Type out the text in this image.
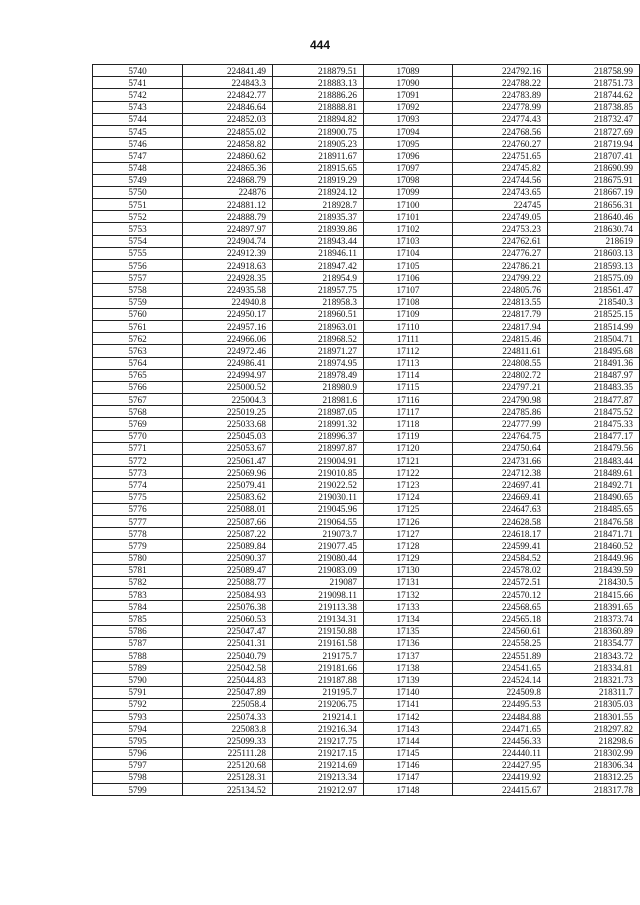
444
5740	224841.49	218879.51	17089	224792.16	218758.99
5741	224843.3	218883.13	17090	224788.22	218751.73
5742	224842.77	218886.26	17091	224783.89	218744.62
5743	224846.64	218888.81	17092	224778.99	218738.85
5744	224852.03	218894.82	17093	224774.43	218732.47
5745	224855.02	218900.75	17094	224768.56	218727.69
5746	224858.82	218905.23	17095	224760.27	218719.94
5747	224860.62	218911.67	17096	224751.65	218707.41
5748	224865.36	218915.65	17097	224745.82	218690.99
5749	224868.79	218919.29	17098	224744.56	218675.91
5750	224876	218924.12	17099	224743.65	218667.19
5751	224881.12	218928.7	17100	224745	218656.31
5752	224888.79	218935.37	17101	224749.05	218640.46
5753	224897.97	218939.86	17102	224753.23	218630.74
5754	224904.74	218943.44	17103	224762.61	218619
5755	224912.39	218946.11	17104	224776.27	218603.13
5756	224918.63	218947.42	17105	224786.21	218593.13
5757	224928.35	218954.9	17106	224799.22	218575.09
5758	224935.58	218957.75	17107	224805.76	218561.47
5759	224940.8	218958.3	17108	224813.55	218540.3
5760	224950.17	218960.51	17109	224817.79	218525.15
5761	224957.16	218963.01	17110	224817.94	218514.99
5762	224966.06	218968.52	17111	224815.46	218504.71
5763	224972.46	218971.27	17112	224811.61	218495.68
5764	224986.41	218974.95	17113	224808.55	218491.36
5765	224994.97	218978.49	17114	224802.72	218487.97
5766	225000.52	218980.9	17115	224797.21	218483.35
5767	225004.3	218981.6	17116	224790.98	218477.87
5768	225019.25	218987.05	17117	224785.86	218475.52
5769	225033.68	218991.32	17118	224777.99	218475.33
5770	225045.03	218996.37	17119	224764.75	218477.17
5771	225053.67	218997.87	17120	224750.64	218479.56
5772	225061.47	219004.91	17121	224731.66	218483.44
5773	225069.96	219010.85	17122	224712.38	218489.61
5774	225079.41	219022.52	17123	224697.41	218492.71
5775	225083.62	219030.11	17124	224669.41	218490.65
5776	225088.01	219045.96	17125	224647.63	218485.65
5777	225087.66	219064.55	17126	224628.58	218476.58
5778	225087.22	219073.7	17127	224618.17	218471.71
5779	225089.84	219077.45	17128	224599.41	218460.52
5780	225090.37	219080.44	17129	224584.52	218449.96
5781	225089.47	219083.09	17130	224578.02	218439.59
5782	225088.77	219087	17131	224572.51	218430.5
5783	225084.93	219098.11	17132	224570.12	218415.66
5784	225076.38	219113.38	17133	224568.65	218391.65
5785	225060.53	219134.31	17134	224565.18	218373.74
5786	225047.47	219150.88	17135	224560.61	218360.89
5787	225041.31	219161.58	17136	224558.25	218354.77
5788	225040.79	219175.7	17137	224551.89	218343.72
5789	225042.58	219181.66	17138	224541.65	218334.81
5790	225044.83	219187.88	17139	224524.14	218321.73
5791	225047.89	219195.7	17140	224509.8	218311.7
5792	225058.4	219206.75	17141	224495.53	218305.03
5793	225074.33	219214.1	17142	224484.88	218301.55
5794	225083.8	219216.34	17143	224471.65	218297.82
5795	225099.33	219217.75	17144	224456.33	218298.6
5796	225111.28	219217.15	17145	224440.11	218302.99
5797	225120.68	219214.69	17146	224427.95	218306.34
5798	225128.31	219213.34	17147	224419.92	218312.25
5799	225134.52	219212.97	17148	224415.67	218317.78
